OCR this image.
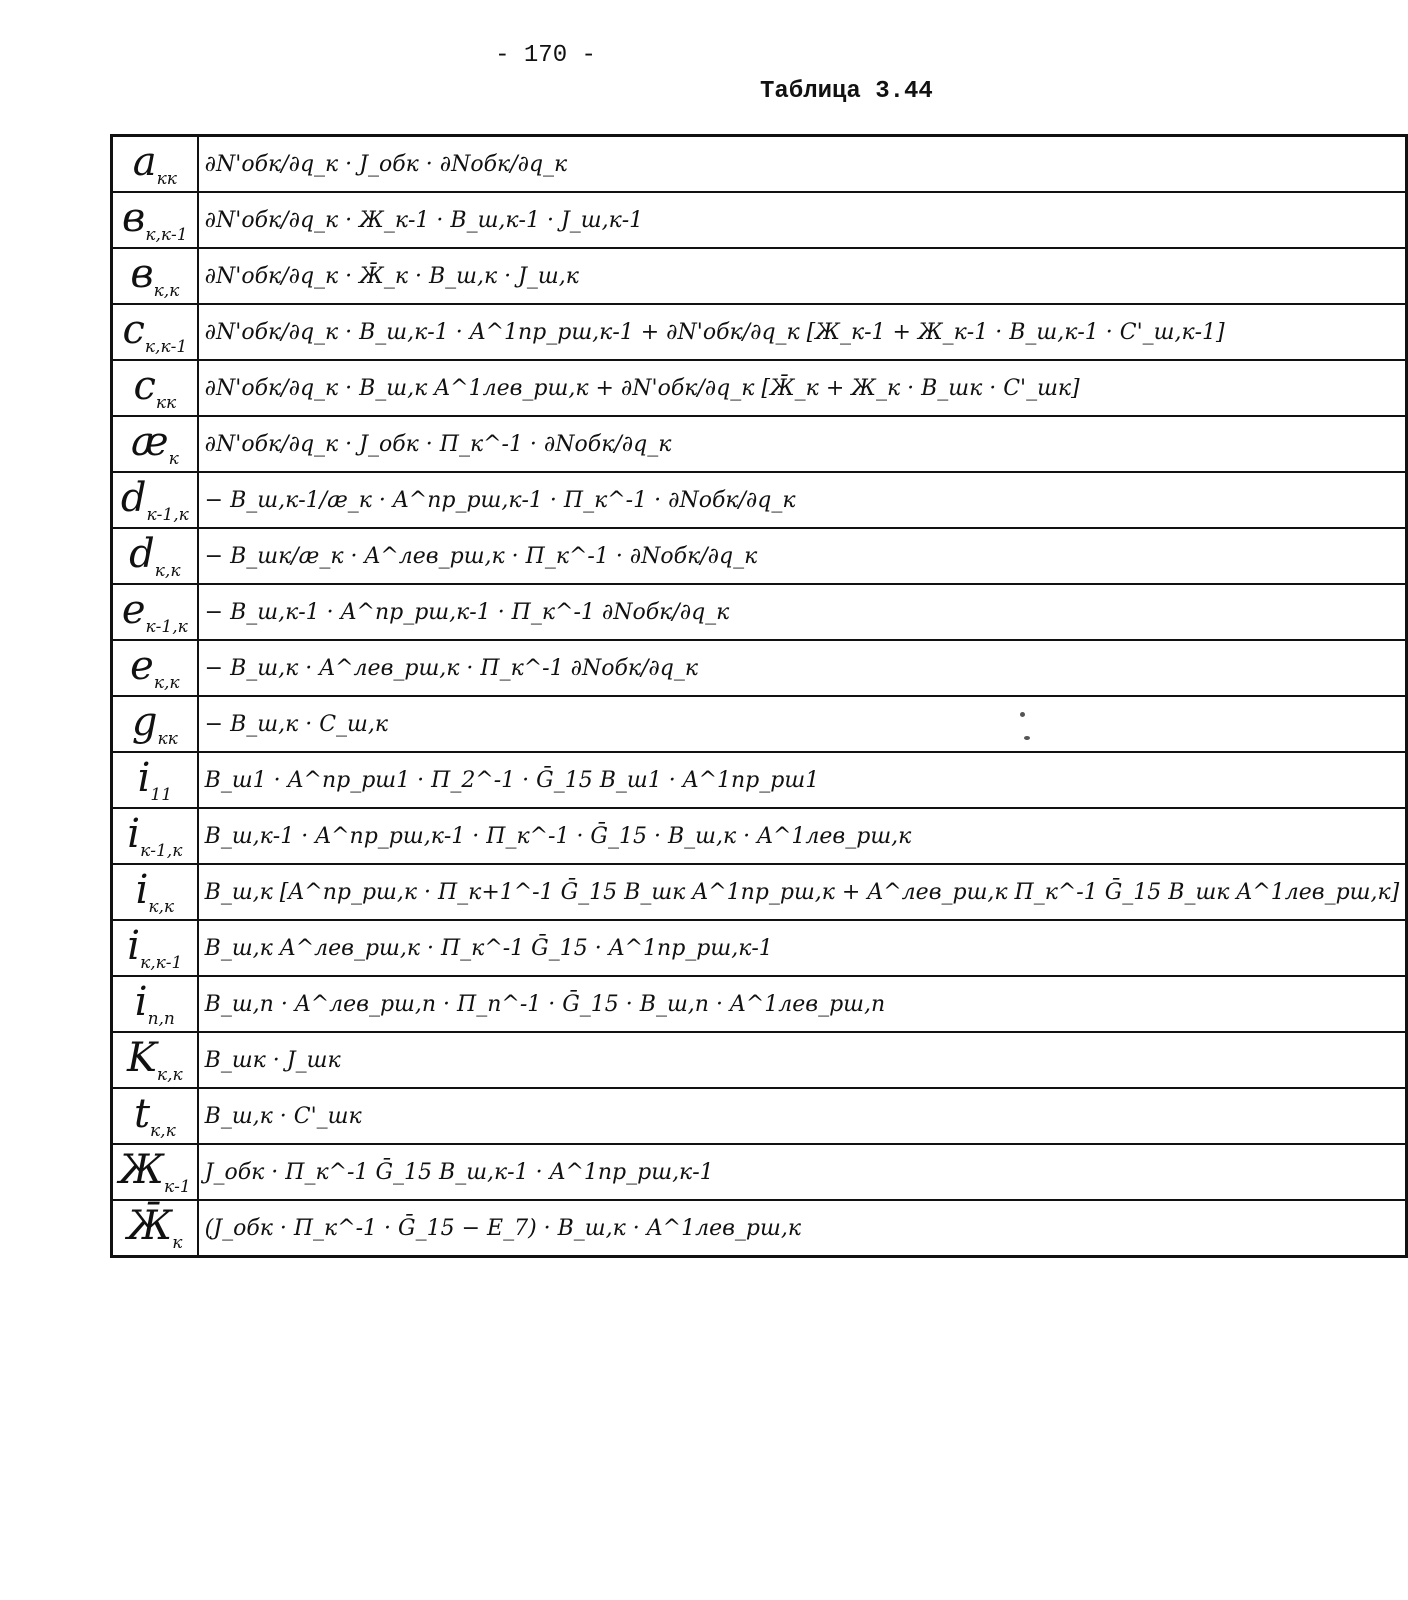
- 170 -
Таблица 3.44
$a_{кк}$	∂N'обк/∂q_к · J_обк · ∂Nобк/∂q_к
$в_{к,к-1}$	∂N'обк/∂q_к · Ж_к-1 · B_ш,к-1 · J_ш,к-1
$в_{к,к}$	∂N'обк/∂q_к · Ж̄_к · B_ш,к · J_ш,к
$c_{к,к-1}$	∂N'обк/∂q_к · B_ш,к-1 · A^1пр_рш,к-1 + ∂N'обк/∂q_к [Ж_к-1 + Ж_к-1 · B_ш,к-1 · C'_ш,к-1]
$c_{кк}$	∂N'обк/∂q_к · B_ш,к A^1лев_рш,к + ∂N'обк/∂q_к [Ж̄_к + Ж_к · B_шк · C'_шк]
$æ_к$	∂N'обк/∂q_к · J_обк · П_к^-1 · ∂Nобк/∂q_к
$d_{к-1,к}$	− B_ш,к-1/æ_к · A^пр_рш,к-1 · П_к^-1 · ∂Nобк/∂q_к
$d_{к,к}$	− B_шк/æ_к · A^лев_рш,к · П_к^-1 · ∂Nобк/∂q_к
$e_{к-1,к}$	− B_ш,к-1 · A^пр_рш,к-1 · П_к^-1 ∂Nобк/∂q_к
$e_{к,к}$	− B_ш,к · A^лев_рш,к · П_к^-1 ∂Nобк/∂q_к
$g_{кк}$	− B_ш,к · C_ш,к
$i_{11}$	B_ш1 · A^пр_рш1 · П_2^-1 · Ḡ_15 B_ш1 · A^1пр_рш1
$i_{к-1,к}$	B_ш,к-1 · A^пр_рш,к-1 · П_к^-1 · Ḡ_15 · B_ш,к · A^1лев_рш,к
$i_{к,к}$	B_ш,к [A^пр_рш,к · П_к+1^-1 Ḡ_15 B_шк A^1пр_рш,к + A^лев_рш,к П_к^-1 Ḡ_15 B_шк A^1лев_рш,к]
$i_{к,к-1}$	B_ш,к A^лев_рш,к · П_к^-1 Ḡ_15 · A^1пр_рш,к-1
$i_{п,п}$	B_ш,п · A^лев_рш,п · П_п^-1 · Ḡ_15 · B_ш,п · A^1лев_рш,п
$K_{к,к}$	B_шк · J_шк
$t_{к,к}$	B_ш,к · C'_шк
$Ж_{к-1}$	J_обк · П_к^-1 Ḡ_15 B_ш,к-1 · A^1пр_рш,к-1
$Ж̄_к$	(J_обк · П_к^-1 · Ḡ_15 − E_7) · B_ш,к · A^1лев_рш,к
